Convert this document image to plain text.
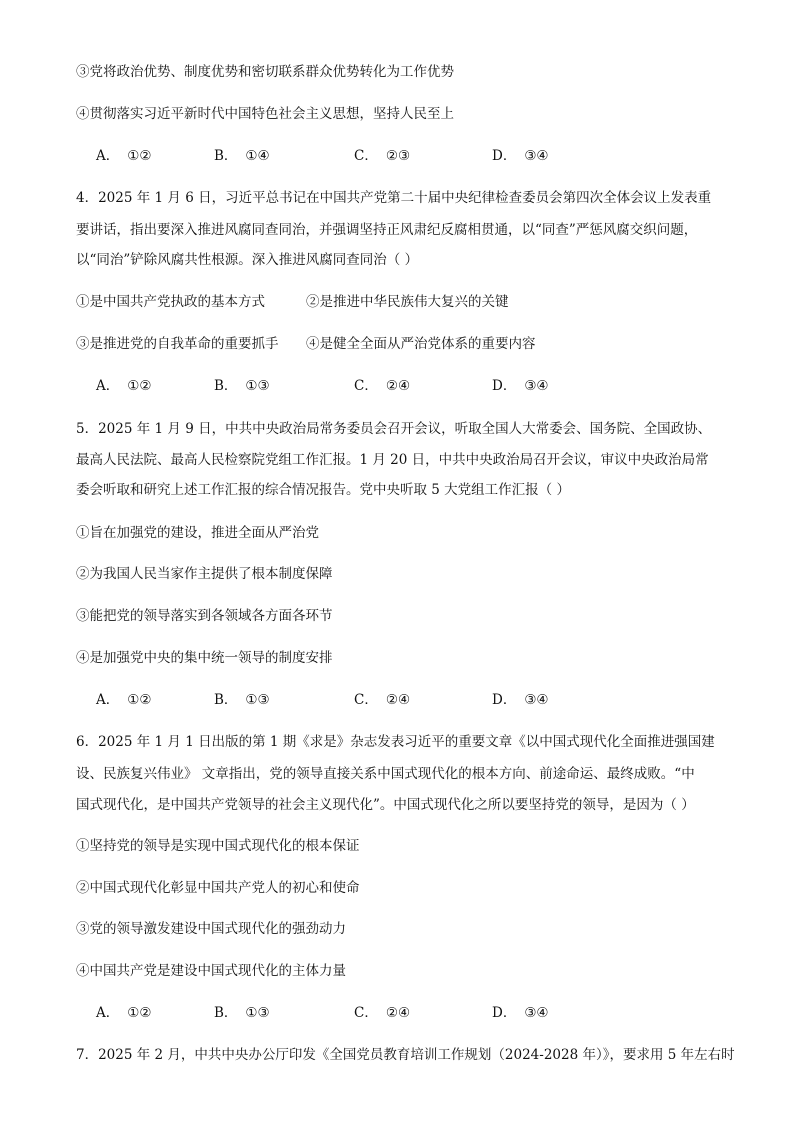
③党将政治优势、制度优势和密切联系群众优势转化为工作优势
④贯彻落实习近平新时代中国特色社会主义思想，坚持人民至上
A． ①②	B． ①④	C． ②③	D． ③④
4．2025 年 1 月 6 日，习近平总书记在中国共产党第二十届中央纪律检查委员会第四次全体会议上发表重
要讲话，指出要深入推进风腐同查同治，并强调坚持正风肃纪反腐相贯通，以“同查”严惩风腐交织问题，
以“同治”铲除风腐共性根源。深入推进风腐同查同治（ ）
①是中国共产党执政的基本方式	②是推进中华民族伟大复兴的关键
③是推进党的自我革命的重要抓手 ④是健全全面从严治党体系的重要内容
A． ①②	B． ①③	C． ②④	D． ③④
5．2025 年 1 月 9 日，中共中央政治局常务委员会召开会议，听取全国人大常委会、国务院、全国政协、
最高人民法院、最高人民检察院党组工作汇报。1 月 20 日，中共中央政治局召开会议，审议中央政治局常
委会听取和研究上述工作汇报的综合情况报告。党中央听取 5 大党组工作汇报（ ）
①旨在加强党的建设，推进全面从严治党
②为我国人民当家作主提供了根本制度保障
③能把党的领导落实到各领域各方面各环节
④是加强党中央的集中统一领导的制度安排
A． ①②	B． ①③	C． ②④	D． ③④
6．2025 年 1 月 1 日出版的第 1 期《求是》杂志发表习近平的重要文章《以中国式现代化全面推进强国建
设、民族复兴伟业》 文章指出，党的领导直接关系中国式现代化的根本方向、前途命运、最终成败。“中
国式现代化，是中国共产党领导的社会主义现代化”。中国式现代化之所以要坚持党的领导，是因为（ ）
①坚持党的领导是实现中国式现代化的根本保证
②中国式现代化彰显中国共产党人的初心和使命
③党的领导激发建设中国式现代化的强劲动力
④中国共产党是建设中国式现代化的主体力量
A． ①②	B． ①③	C． ②④	D． ③④
7．2025 年 2 月，中共中央办公厅印发《全国党员教育培训工作规划（2024-2028 年）》，要求用 5 年左右时
